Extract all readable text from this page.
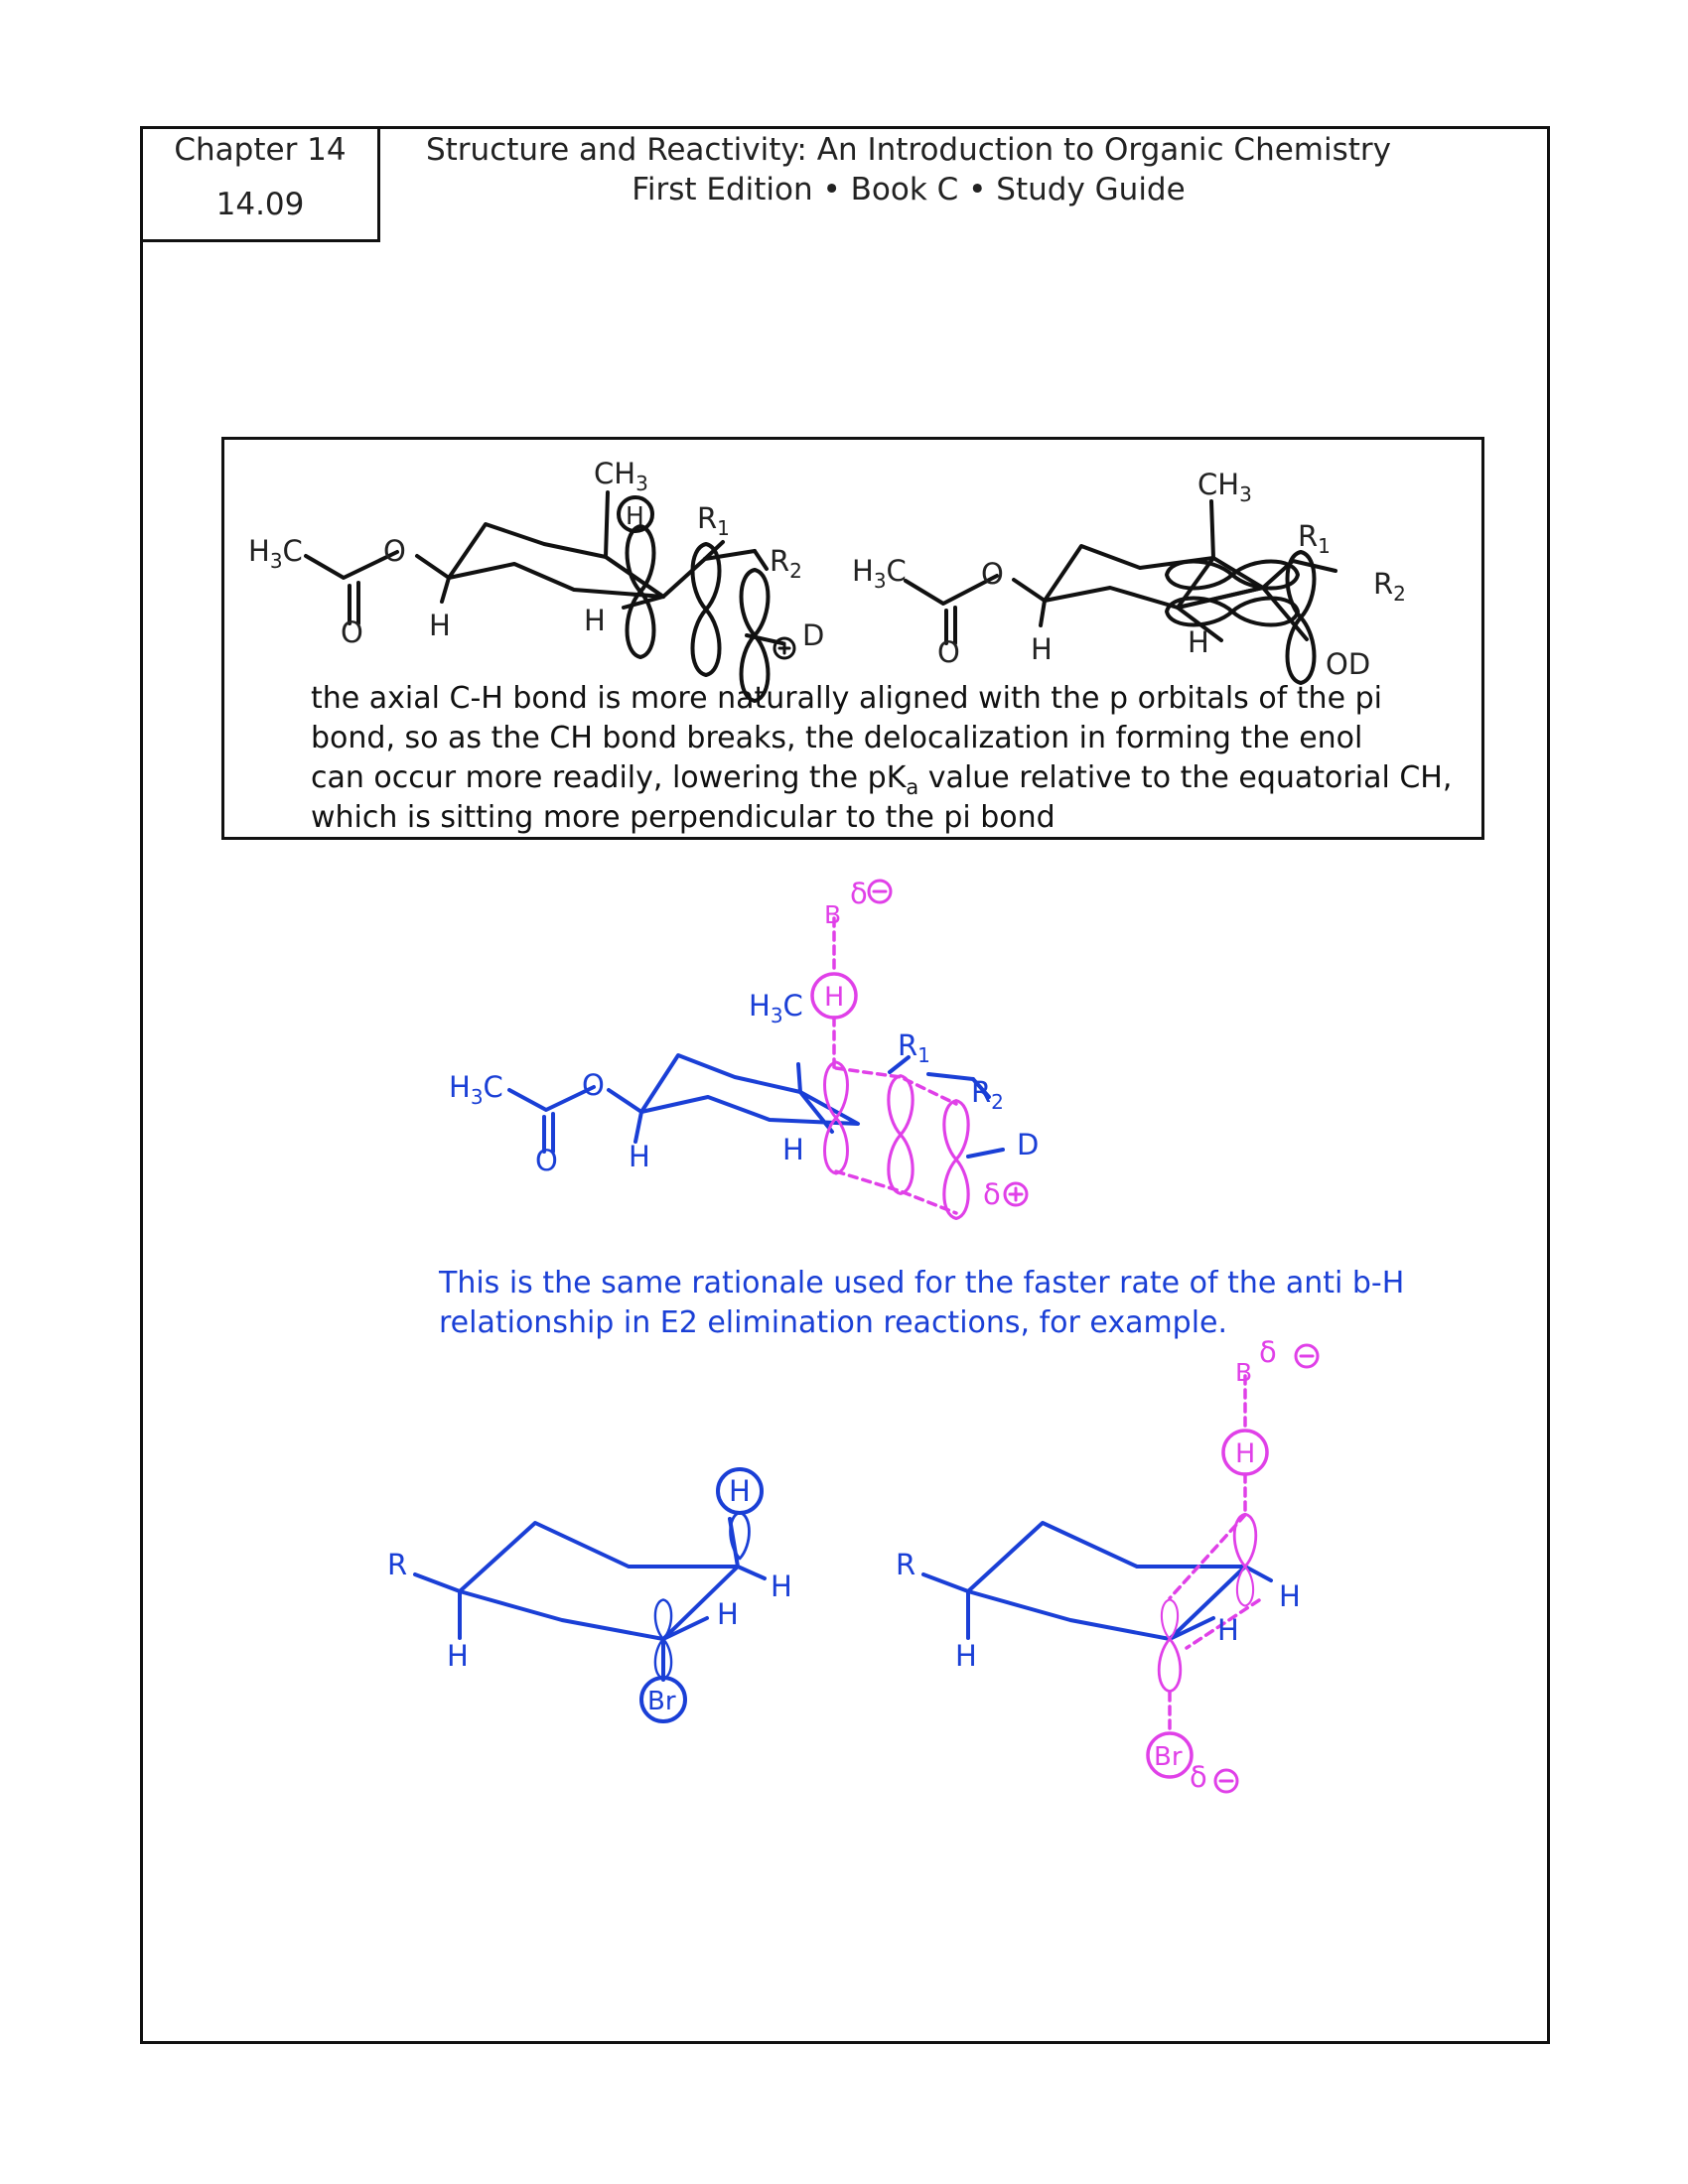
Chapter 14
14.09
Structure and Reactivity: An Introduction to Organic Chemistry
First Edition • Book C • Study Guide
the axial C-H bond is more naturally aligned with the p orbitals of the pi
bond, so as the CH bond breaks, the delocalization in forming the enol
can occur more readily, lowering the $pK_a$ value relative to the equatorial CH,
which is sitting more perpendicular to the pi bond
This is the same rationale used for the faster rate of the anti b-H
relationship in E2 elimination reactions, for example.
$H_3C$	O
O H	H
H
$CH_3$
$R_1$
$R_2$
D
$H_3C$	O
O H	H
$CH_3$
$R_1$
$R_2$
OD
$H_3C$	O
O H	H
$H_3C$
$R_1$
$R_2$
D
B
δ
H
δ
R
H
H
H
H
Br
R
H
H
H
B
δ
H
Br
δ
